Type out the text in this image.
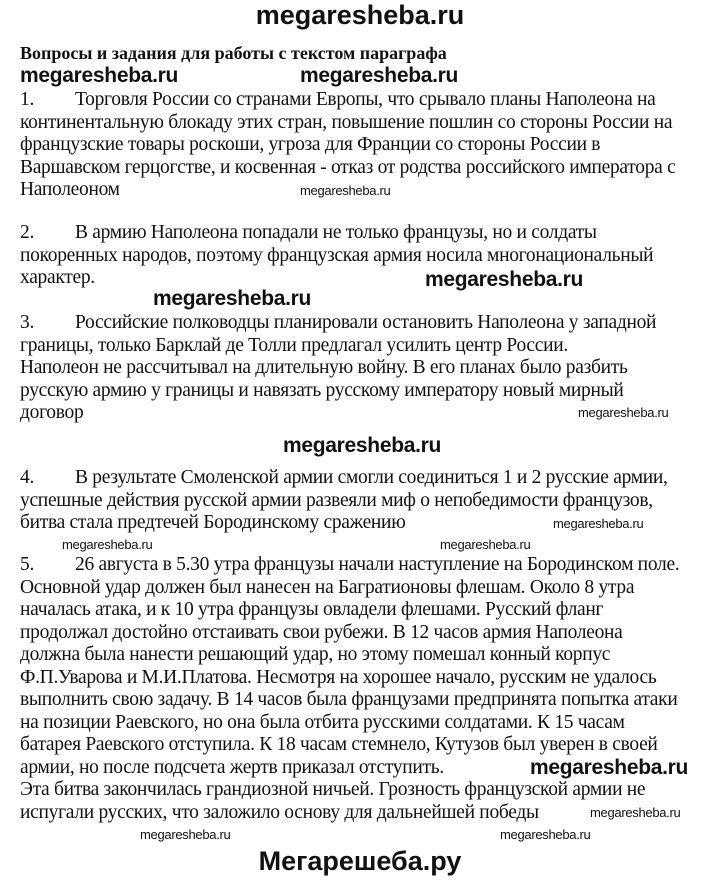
megaresheba.ru
Вопросы и задания для работы с текстом параграфа
1. Торговля России со странами Европы, что срывало планы Наполеона на
континентальную блокаду этих стран, повышение пошлин со стороны России на
французские товары роскоши, угроза для Франции со стороны России в
Варшавском герцогстве, и косвенная - отказ от родства российского императора с
Наполеоном
2. В армию Наполеона попадали не только французы, но и солдаты
покоренных народов, поэтому французская армия носила многонациональный
характер.
3. Российские полководцы планировали остановить Наполеона у западной
границы, только Барклай де Толли предлагал усилить центр России.
Наполеон не рассчитывал на длительную войну. В его планах было разбить
русскую армию у границы и навязать русскому императору новый мирный
договор
4. В результате Смоленской армии смогли соединиться 1 и 2 русские армии,
успешные действия русской армии развеяли миф о непобедимости французов,
битва стала предтечей Бородинскому сражению
5. 26 августа в 5.30 утра французы начали наступление на Бородинском поле.
Основной удар должен был нанесен на Багратионовы флешам. Около 8 утра
началась атака, и к 10 утра французы овладели флешами. Русский фланг
продолжал достойно отстаивать свои рубежи. В 12 часов армия Наполеона
должна была нанести решающий удар, но этому помешал конный корпус
Ф.П.Уварова и М.И.Платова. Несмотря на хорошее начало, русским не удалось
выполнить свою задачу. В 14 часов была французами предпринята попытка атаки
на позиции Раевского, но она была отбита русскими солдатами. К 15 часам
батарея Раевского отступила. К 18 часам стемнело, Кутузов был уверен в своей
армии, но после подсчета жертв приказал отступить.
Эта битва закончилась грандиозной ничьей. Грозность французской армии не
испугали русских, что заложило основу для дальнейшей победы
megaresheba.ru	megaresheba.ru
megaresheba.ru
megaresheba.ru
megaresheba.ru
megaresheba.ru
megaresheba.ru
megaresheba.ru
megaresheba.ru	megaresheba.ru
megaresheba.ru
megaresheba.ru
megaresheba.ru
megaresheba.ru
Мегарешеба.ру
